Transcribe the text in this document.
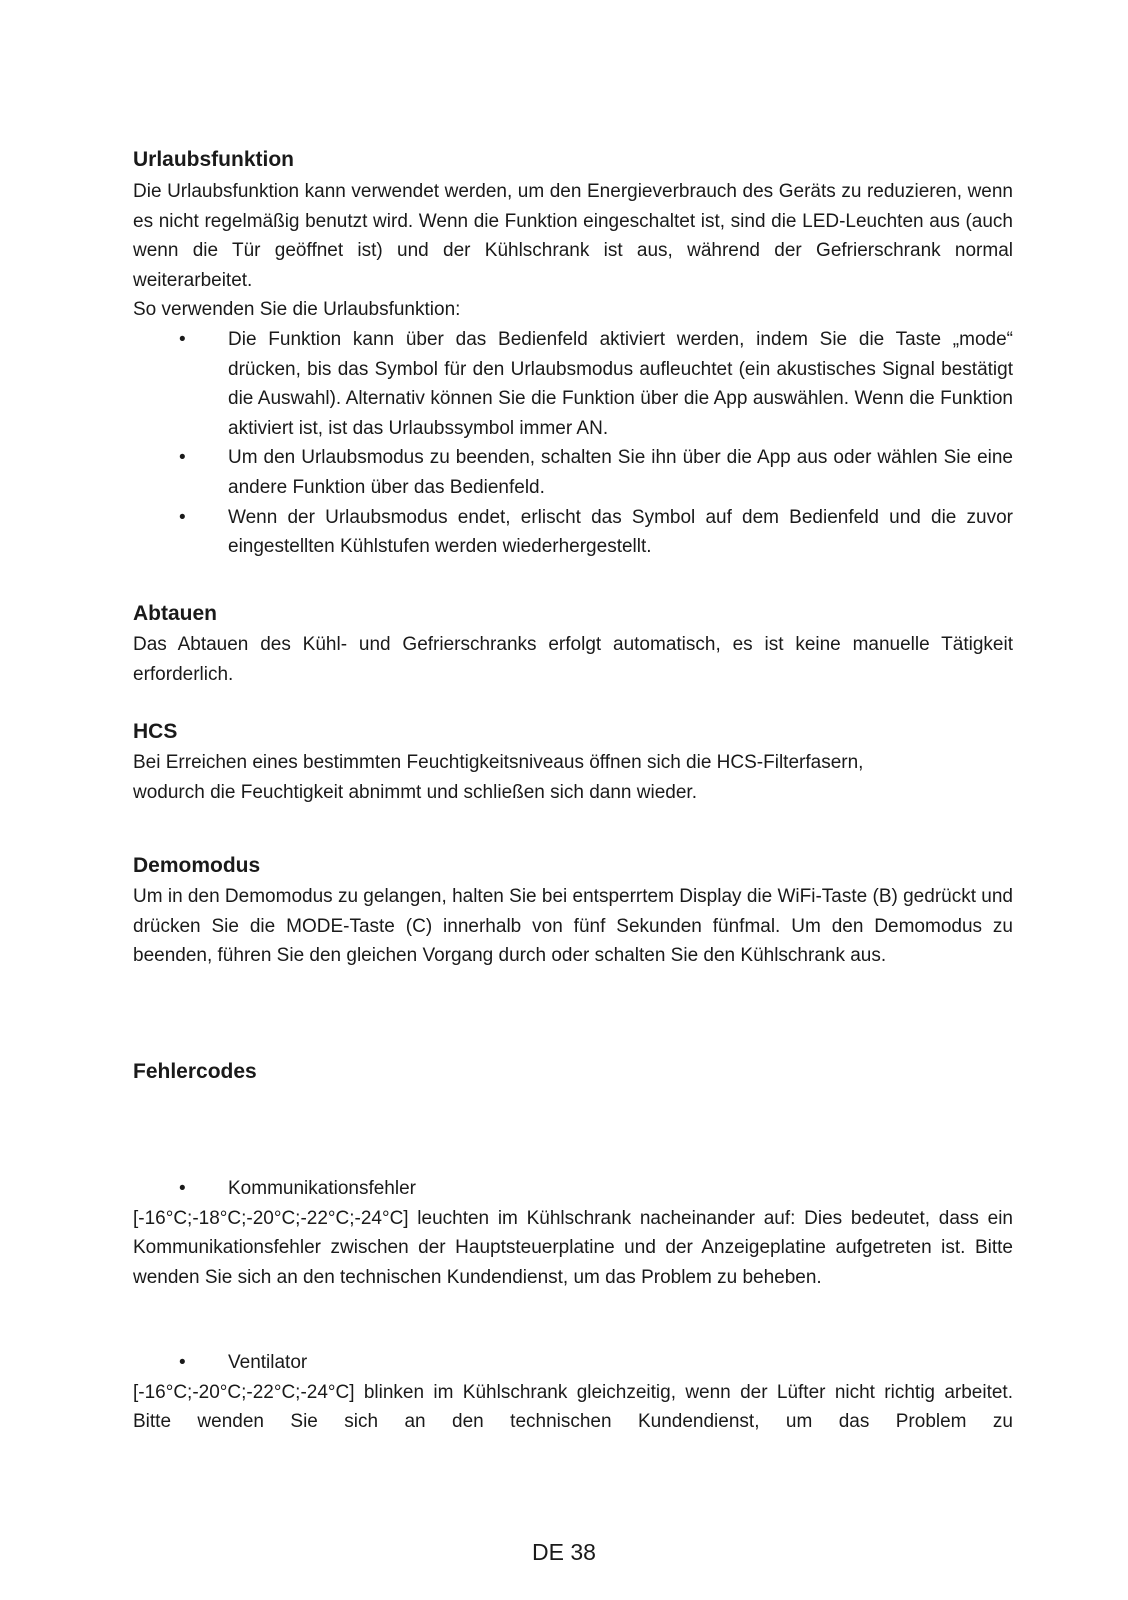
Urlaubsfunktion

Die Urlaubsfunktion kann verwendet werden, um den Energieverbrauch des Geräts zu reduzieren, wenn es nicht regelmäßig benutzt wird. Wenn die Funktion eingeschaltet ist, sind die LED-Leuchten aus (auch wenn die Tür geöffnet ist) und der Kühlschrank ist aus, während der Gefrierschrank normal weiterarbeitet.

So verwenden Sie die Urlaubsfunktion:

• Die Funktion kann über das Bedienfeld aktiviert werden, indem Sie die Taste „mode“ drücken, bis das Symbol für den Urlaubsmodus aufleuchtet (ein akustisches Signal bestätigt die Auswahl). Alternativ können Sie die Funktion über die App auswählen. Wenn die Funktion aktiviert ist, ist das Urlaubssymbol immer AN.
• Um den Urlaubsmodus zu beenden, schalten Sie ihn über die App aus oder wählen Sie eine andere Funktion über das Bedienfeld.
• Wenn der Urlaubsmodus endet, erlischt das Symbol auf dem Bedienfeld und die zuvor eingestellten Kühlstufen werden wiederhergestellt.
Abtauen

Das Abtauen des Kühl- und Gefrierschranks erfolgt automatisch, es ist keine manuelle Tätigkeit erforderlich.

HCS

Bei Erreichen eines bestimmten Feuchtigkeitsniveaus öffnen sich die HCS-Filterfasern,

wodurch die Feuchtigkeit abnimmt und schließen sich dann wieder.

Demomodus

Um in den Demomodus zu gelangen, halten Sie bei entsperrtem Display die WiFi-Taste (B) gedrückt und drücken Sie die MODE-Taste (C) innerhalb von fünf Sekunden fünfmal. Um den Demomodus zu beenden, führen Sie den gleichen Vorgang durch oder schalten Sie den Kühlschrank aus.

Fehlercodes
• Kommunikationsfehler

[-16°C;-18°C;-20°C;-22°C;-24°C] leuchten im Kühlschrank nacheinander auf: Dies bedeutet, dass ein Kommunikationsfehler zwischen der Hauptsteuerplatine und der Anzeigeplatine aufgetreten ist. Bitte wenden Sie sich an den technischen Kundendienst, um das Problem zu beheben.

• Ventilator

[-16°C;-20°C;-22°C;-24°C] blinken im Kühlschrank gleichzeitig, wenn der Lüfter nicht richtig arbeitet. Bitte wenden Sie sich an den technischen Kundendienst, um das Problem zu

DE 38
